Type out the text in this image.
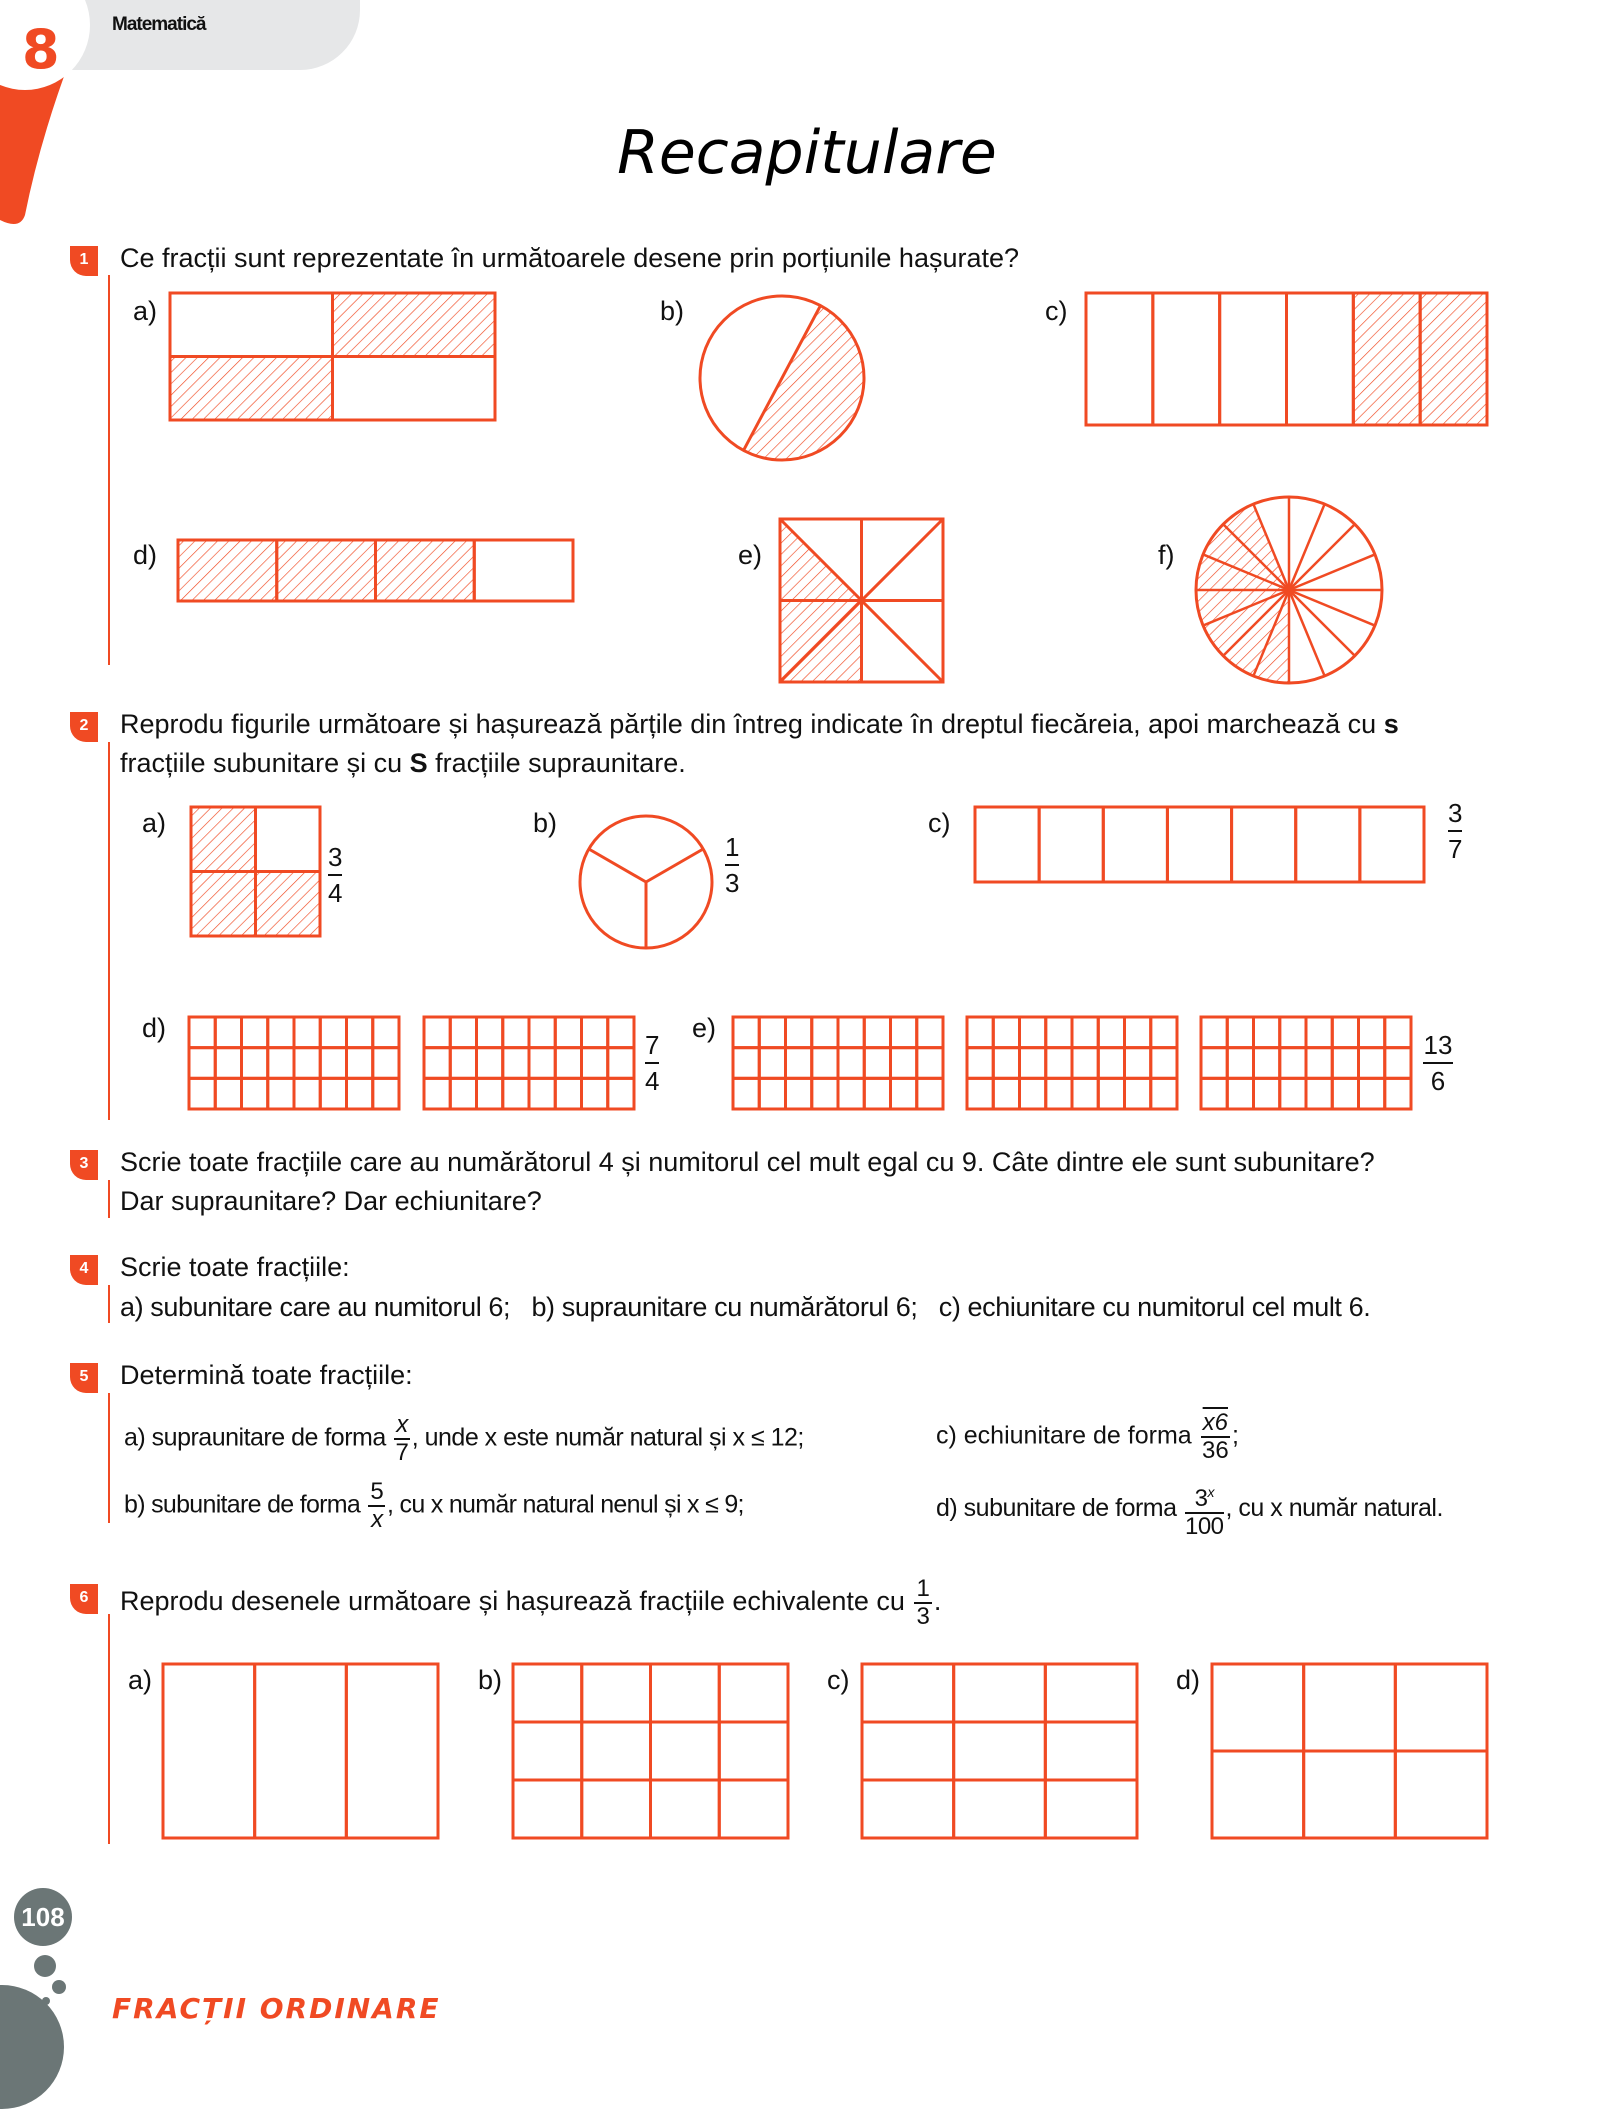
8	Matematică
Recapitulare
1	Ce fracții sunt reprezentate în următoarele desene prin porțiunile hașurate?
a)	b)	c)
d)	e)	f)
2	Reprodu figurile următoare și hașurează părțile din întreg indicate în dreptul fiecăreia, apoi marchează cu s
fracțiile subunitare și cu S fracțiile supraunitare.
a)
3
4
b)
1
3
c)	3
7
d)
7
4
e)
13
6
3	Scrie toate fracțiile care au numărătorul 4 și numitorul cel mult egal cu 9. Câte dintre ele sunt subunitare?
Dar supraunitare? Dar echiunitare?
4	Scrie toate fracțiile:
a) subunitare care au numitorul 6; b) supraunitare cu numărătorul 6; c) echiunitare cu numitorul cel mult 6.
5	Determină toate fracțiile:
a) supraunitare de forma $\frac{x}{7}$ , unde x este număr natural și x ≤ 12;
b) subunitare de forma $\frac{5}{x}$ , cu x număr natural nenul și x ≤ 9;
c) echiunitare de forma $\frac{x6}{36}$ ;
d) subunitare de forma $\frac{3^x}{100}$ , cu x număr natural.
6	Reprodu desenele următoare și hașurează fracțiile echivalente cu $\frac{1}{3}$ .
a)	b)	c)	d)
108
FRACȚII ORDINARE
